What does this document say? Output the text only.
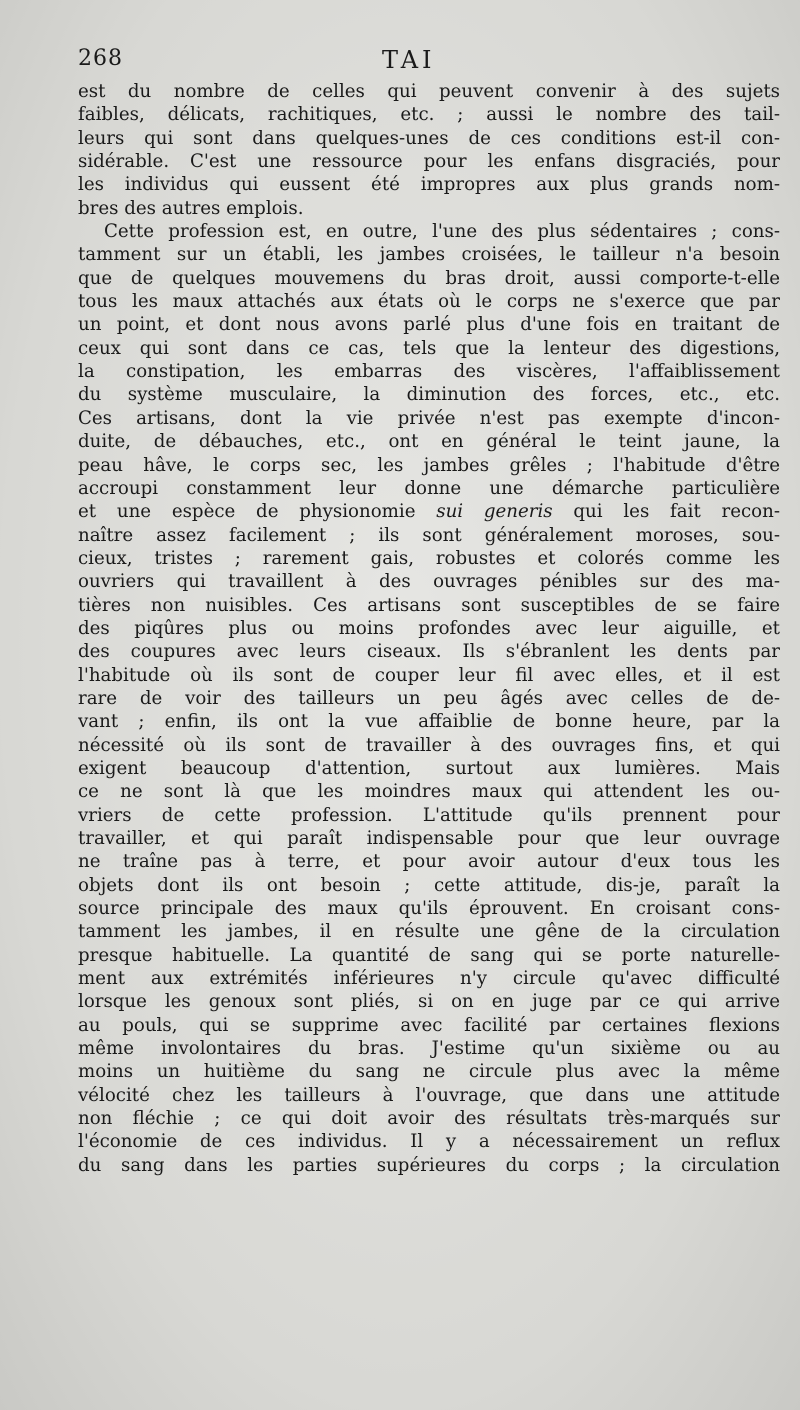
268	TAI
est du nombre de celles qui peuvent convenir à des sujets
faibles, délicats, rachitiques, etc. ; aussi le nombre des tail-
leurs qui sont dans quelques-unes de ces conditions est-il con-
sidérable. C'est une ressource pour les enfans disgraciés, pour
les individus qui eussent été impropres aux plus grands nom-
bres des autres emplois.
Cette profession est, en outre, l'une des plus sédentaires ; cons-
tamment sur un établi, les jambes croisées, le tailleur n'a besoin
que de quelques mouvemens du bras droit, aussi comporte-t-elle
tous les maux attachés aux états où le corps ne s'exerce que par
un point, et dont nous avons parlé plus d'une fois en traitant de
ceux qui sont dans ce cas, tels que la lenteur des digestions,
la constipation, les embarras des viscères, l'affaiblissement
du système musculaire, la diminution des forces, etc., etc.
Ces artisans, dont la vie privée n'est pas exempte d'incon-
duite, de débauches, etc., ont en général le teint jaune, la
peau hâve, le corps sec, les jambes grêles ; l'habitude d'être
accroupi constamment leur donne une démarche particulière
et une espèce de physionomie sui generis qui les fait recon-
naître assez facilement ; ils sont généralement moroses, sou-
cieux, tristes ; rarement gais, robustes et colorés comme les
ouvriers qui travaillent à des ouvrages pénibles sur des ma-
tières non nuisibles. Ces artisans sont susceptibles de se faire
des piqûres plus ou moins profondes avec leur aiguille, et
des coupures avec leurs ciseaux. Ils s'ébranlent les dents par
l'habitude où ils sont de couper leur fil avec elles, et il est
rare de voir des tailleurs un peu âgés avec celles de de-
vant ; enfin, ils ont la vue affaiblie de bonne heure, par la
nécessité où ils sont de travailler à des ouvrages fins, et qui
exigent beaucoup d'attention, surtout aux lumières. Mais
ce ne sont là que les moindres maux qui attendent les ou-
vriers de cette profession. L'attitude qu'ils prennent pour
travailler, et qui paraît indispensable pour que leur ouvrage
ne traîne pas à terre, et pour avoir autour d'eux tous les
objets dont ils ont besoin ; cette attitude, dis-je, paraît la
source principale des maux qu'ils éprouvent. En croisant cons-
tamment les jambes, il en résulte une gêne de la circulation
presque habituelle. La quantité de sang qui se porte naturelle-
ment aux extrémités inférieures n'y circule qu'avec difficulté
lorsque les genoux sont pliés, si on en juge par ce qui arrive
au pouls, qui se supprime avec facilité par certaines flexions
même involontaires du bras. J'estime qu'un sixième ou au
moins un huitième du sang ne circule plus avec la même
vélocité chez les tailleurs à l'ouvrage, que dans une attitude
non fléchie ; ce qui doit avoir des résultats très-marqués sur
l'économie de ces individus. Il y a nécessairement un reflux
du sang dans les parties supérieures du corps ; la circulation
